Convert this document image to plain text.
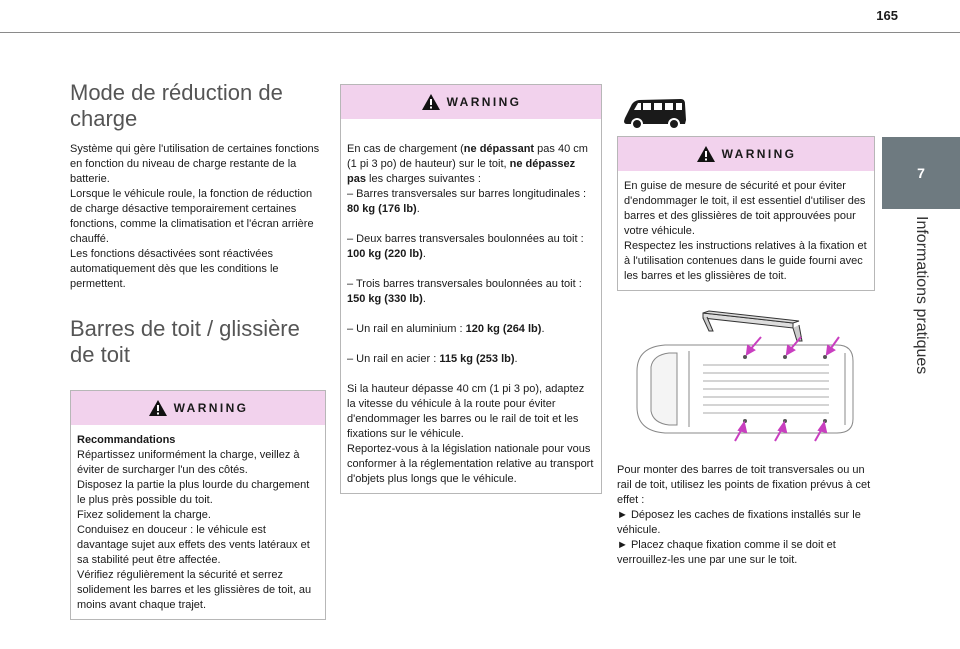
165
7
Informations pratiques
Mode de réduction de charge

Système qui gère l'utilisation de certaines fonctions en fonction du niveau de charge restante de la batterie.
Lorsque le véhicule roule, la fonction de réduction de charge désactive temporairement certaines fonctions, comme la climatisation et l'écran arrière chauffé.
Les fonctions désactivées sont réactivées automatiquement dès que les conditions le permettent.

Barres de toit / glissière de toit
WARNING

Recommandations

Répartissez uniformément la charge, veillez à éviter de surcharger l'un des côtés.
Disposez la partie la plus lourde du chargement le plus près possible du toit.
Fixez solidement la charge.
Conduisez en douceur : le véhicule est davantage sujet aux effets des vents latéraux et sa stabilité peut être affectée.
Vérifiez régulièrement la sécurité et serrez solidement les barres et les glissières de toit, au moins avant chaque trajet.

WARNING

En cas de chargement (ne dépassant pas 40 cm (1 pi 3 po) de hauteur) sur le toit, ne dépassez pas les charges suivantes :

– Barres transversales sur barres longitudinales : 80 kg (176 lb).

– Deux barres transversales boulonnées au toit : 100 kg (220 lb).

– Trois barres transversales boulonnées au toit : 150 kg (330 lb).

– Un rail en aluminium : 120 kg (264 lb).

– Un rail en acier : 115 kg (253 lb).

Si la hauteur dépasse 40 cm (1 pi 3 po), adaptez la vitesse du véhicule à la route pour éviter d'endommager les barres ou le rail de toit et les fixations sur le véhicule.
Reportez-vous à la législation nationale pour vous conformer à la réglementation relative au transport d'objets plus longs que le véhicule.

WARNING

En guise de mesure de sécurité et pour éviter d'endommager le toit, il est essentiel d'utiliser des barres et des glissières de toit approuvées pour votre véhicule.
Respectez les instructions relatives à la fixation et à l'utilisation contenues dans le guide fourni avec les barres et les glissières de toit.

Pour monter des barres de toit transversales ou un rail de toit, utilisez les points de fixation prévus à cet effet :
► Déposez les caches de fixations installés sur le véhicule.
► Placez chaque fixation comme il se doit et verrouillez-les une par une sur le toit.
